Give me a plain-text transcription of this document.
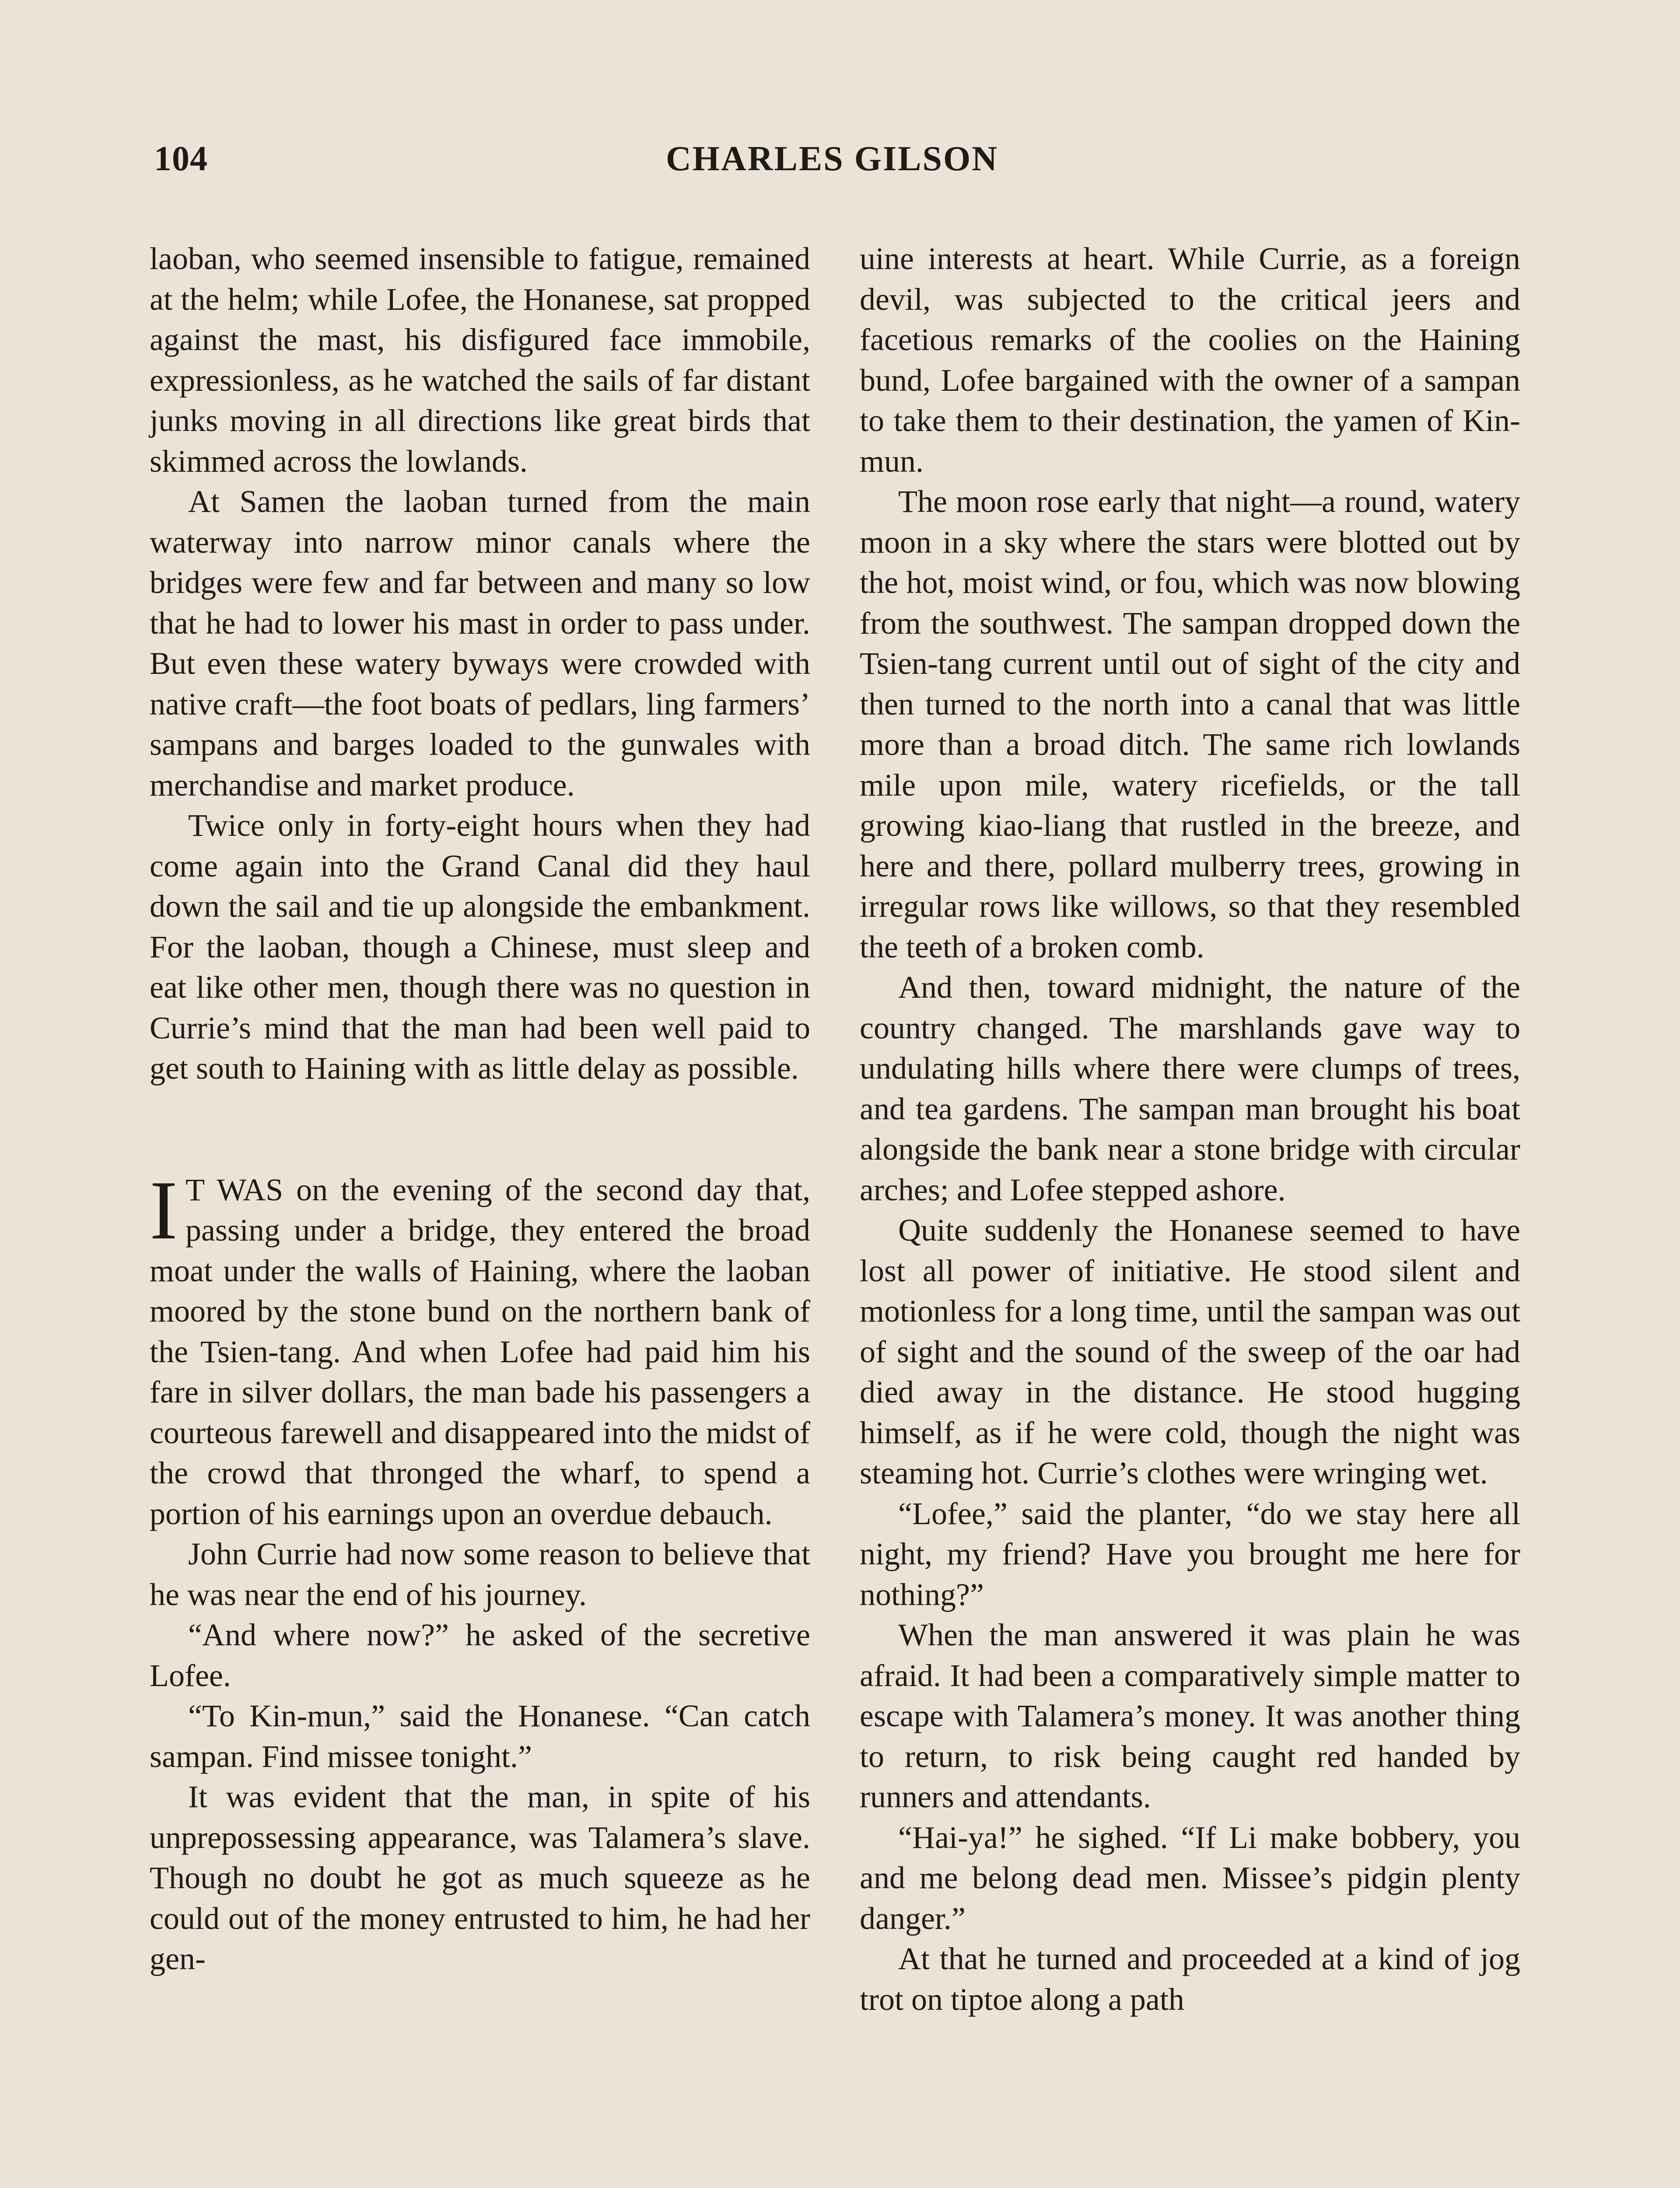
104	CHARLES GILSON

laoban, who seemed insensible to fatigue, remained at the helm; while Lofee, the Honanese, sat propped against the mast, his disfigured face immobile, expressionless, as he watched the sails of far distant junks moving in all directions like great birds that skimmed across the lowlands.

At Samen the laoban turned from the main waterway into narrow minor canals where the bridges were few and far between and many so low that he had to lower his mast in order to pass under. But even these watery byways were crowded with native craft—the foot boats of pedlars, ling farmers’ sampans and barges loaded to the gunwales with merchandise and market produce.

Twice only in forty-eight hours when they had come again into the Grand Canal did they haul down the sail and tie up alongside the embankment. For the laoban, though a Chinese, must sleep and eat like other men, though there was no question in Currie’s mind that the man had been well paid to get south to Haining with as little delay as possible.

I T WAS on the evening of the second day that, passing under a bridge, they entered the broad moat under the walls of Haining, where the laoban moored by the stone bund on the northern bank of the Tsien-tang. And when Lofee had paid him his fare in silver dollars, the man bade his passengers a courteous farewell and disappeared into the midst of the crowd that thronged the wharf, to spend a portion of his earnings upon an overdue debauch.

John Currie had now some reason to believe that he was near the end of his journey.

“And where now?” he asked of the secretive Lofee.

“To Kin-mun,” said the Honanese. “Can catch sampan. Find missee tonight.”

It was evident that the man, in spite of his unprepossessing appearance, was Talamera’s slave. Though no doubt he got as much squeeze as he could out of the money entrusted to him, he had her gen-

uine interests at heart. While Currie, as a foreign devil, was subjected to the critical jeers and facetious remarks of the coolies on the Haining bund, Lofee bargained with the owner of a sampan to take them to their destination, the yamen of Kin-mun.

The moon rose early that night—a round, watery moon in a sky where the stars were blotted out by the hot, moist wind, or fou, which was now blowing from the southwest. The sampan dropped down the Tsien-tang current until out of sight of the city and then turned to the north into a canal that was little more than a broad ditch. The same rich lowlands mile upon mile, watery ricefields, or the tall growing kiao-liang that rustled in the breeze, and here and there, pollard mulberry trees, growing in irregular rows like willows, so that they resembled the teeth of a broken comb.

And then, toward midnight, the nature of the country changed. The marshlands gave way to undulating hills where there were clumps of trees, and tea gardens. The sampan man brought his boat alongside the bank near a stone bridge with circular arches; and Lofee stepped ashore.

Quite suddenly the Honanese seemed to have lost all power of initiative. He stood silent and motionless for a long time, until the sampan was out of sight and the sound of the sweep of the oar had died away in the distance. He stood hugging himself, as if he were cold, though the night was steaming hot. Currie’s clothes were wringing wet.

“Lofee,” said the planter, “do we stay here all night, my friend? Have you brought me here for nothing?”

When the man answered it was plain he was afraid. It had been a comparatively simple matter to escape with Talamera’s money. It was another thing to return, to risk being caught red handed by runners and attendants.

“Hai-ya!” he sighed. “If Li make bobbery, you and me belong dead men. Missee’s pidgin plenty danger.”

At that he turned and proceeded at a kind of jog trot on tiptoe along a path
